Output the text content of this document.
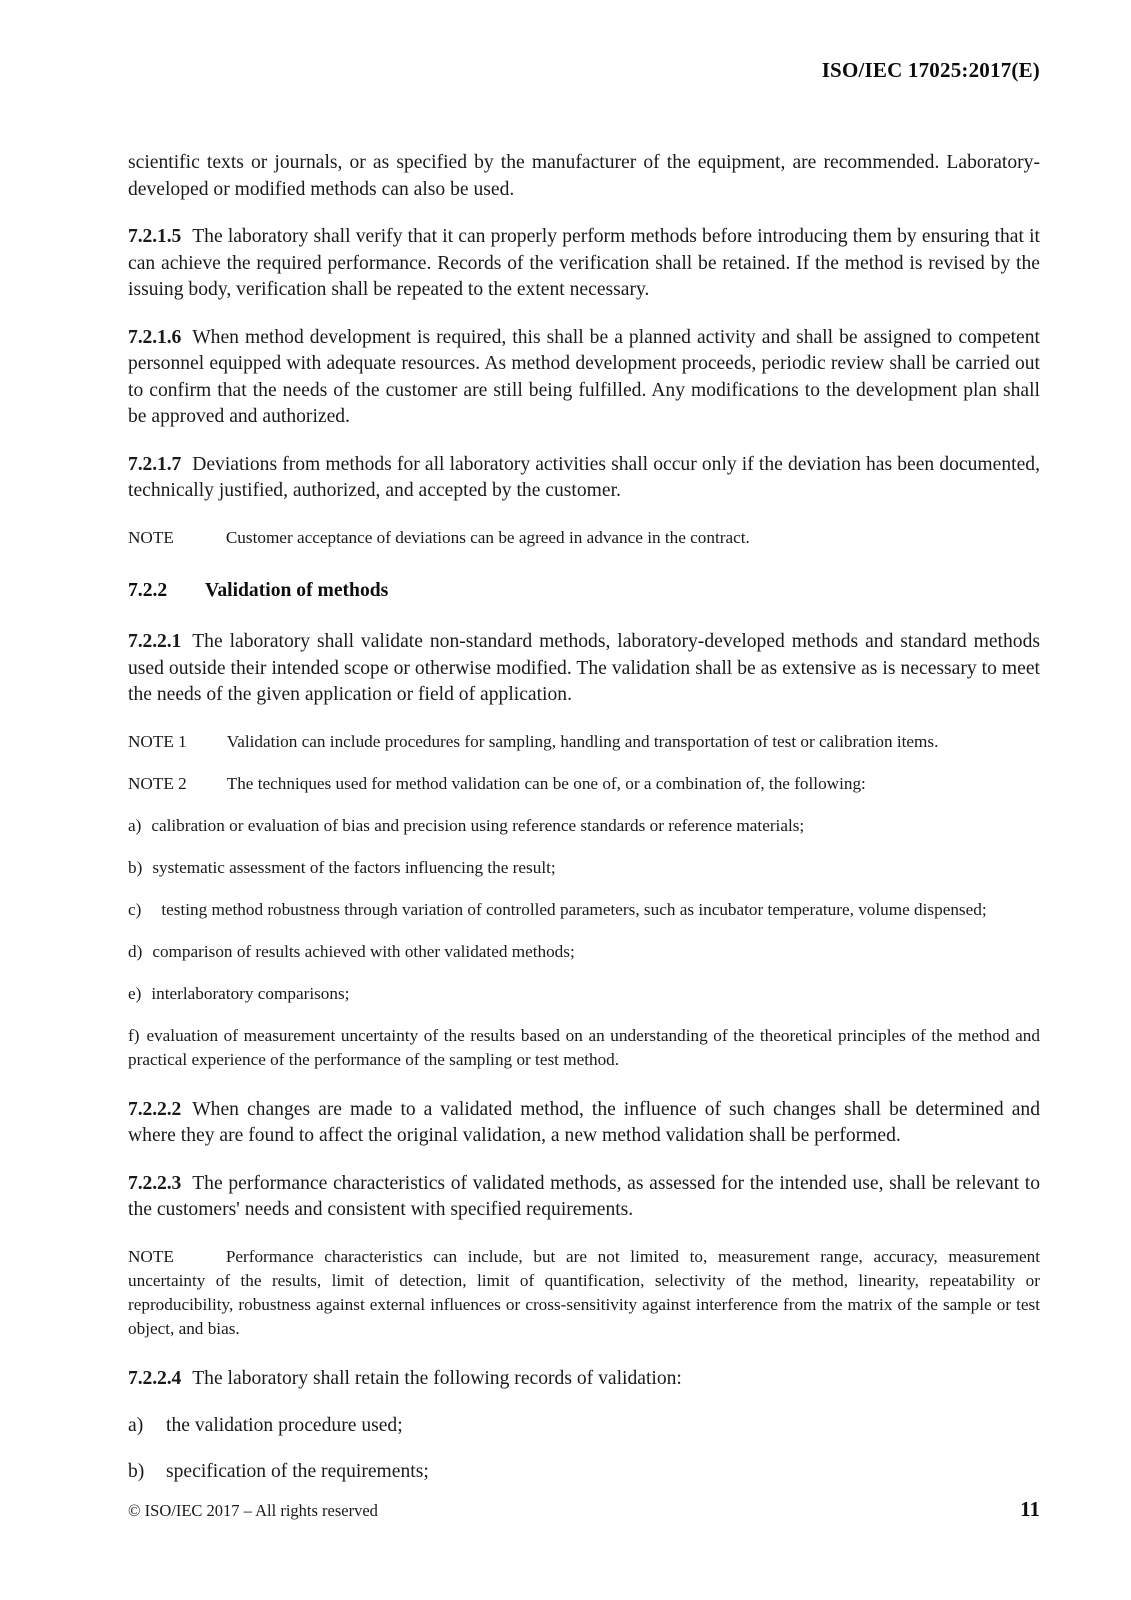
ISO/IEC 17025:2017(E)

scientific texts or journals, or as specified by the manufacturer of the equipment, are recommended. Laboratory-developed or modified methods can also be used.

7.2.1.5 The laboratory shall verify that it can properly perform methods before introducing them by ensuring that it can achieve the required performance. Records of the verification shall be retained. If the method is revised by the issuing body, verification shall be repeated to the extent necessary.

7.2.1.6 When method development is required, this shall be a planned activity and shall be assigned to competent personnel equipped with adequate resources. As method development proceeds, periodic review shall be carried out to confirm that the needs of the customer are still being fulfilled. Any modifications to the development plan shall be approved and authorized.

7.2.1.7 Deviations from methods for all laboratory activities shall occur only if the deviation has been documented, technically justified, authorized, and accepted by the customer.

NOTE	Customer acceptance of deviations can be agreed in advance in the contract.

7.2.2 Validation of methods

7.2.2.1 The laboratory shall validate non-standard methods, laboratory-developed methods and standard methods used outside their intended scope or otherwise modified. The validation shall be as extensive as is necessary to meet the needs of the given application or field of application.

NOTE 1 Validation can include procedures for sampling, handling and transportation of test or calibration items.

NOTE 2 The techniques used for method validation can be one of, or a combination of, the following:

a) calibration or evaluation of bias and precision using reference standards or reference materials;

b) systematic assessment of the factors influencing the result;

c) testing method robustness through variation of controlled parameters, such as incubator temperature, volume dispensed;

d) comparison of results achieved with other validated methods;

e) interlaboratory comparisons;

f) evaluation of measurement uncertainty of the results based on an understanding of the theoretical principles of the method and practical experience of the performance of the sampling or test method.

7.2.2.2 When changes are made to a validated method, the influence of such changes shall be determined and where they are found to affect the original validation, a new method validation shall be performed.

7.2.2.3 The performance characteristics of validated methods, as assessed for the intended use, shall be relevant to the customers' needs and consistent with specified requirements.

NOTE	Performance characteristics can include, but are not limited to, measurement range, accuracy, measurement uncertainty of the results, limit of detection, limit of quantification, selectivity of the method, linearity, repeatability or reproducibility, robustness against external influences or cross-sensitivity against interference from the matrix of the sample or test object, and bias.

7.2.2.4 The laboratory shall retain the following records of validation:

a) the validation procedure used;

b) specification of the requirements;

© ISO/IEC 2017 – All rights reserved	11
